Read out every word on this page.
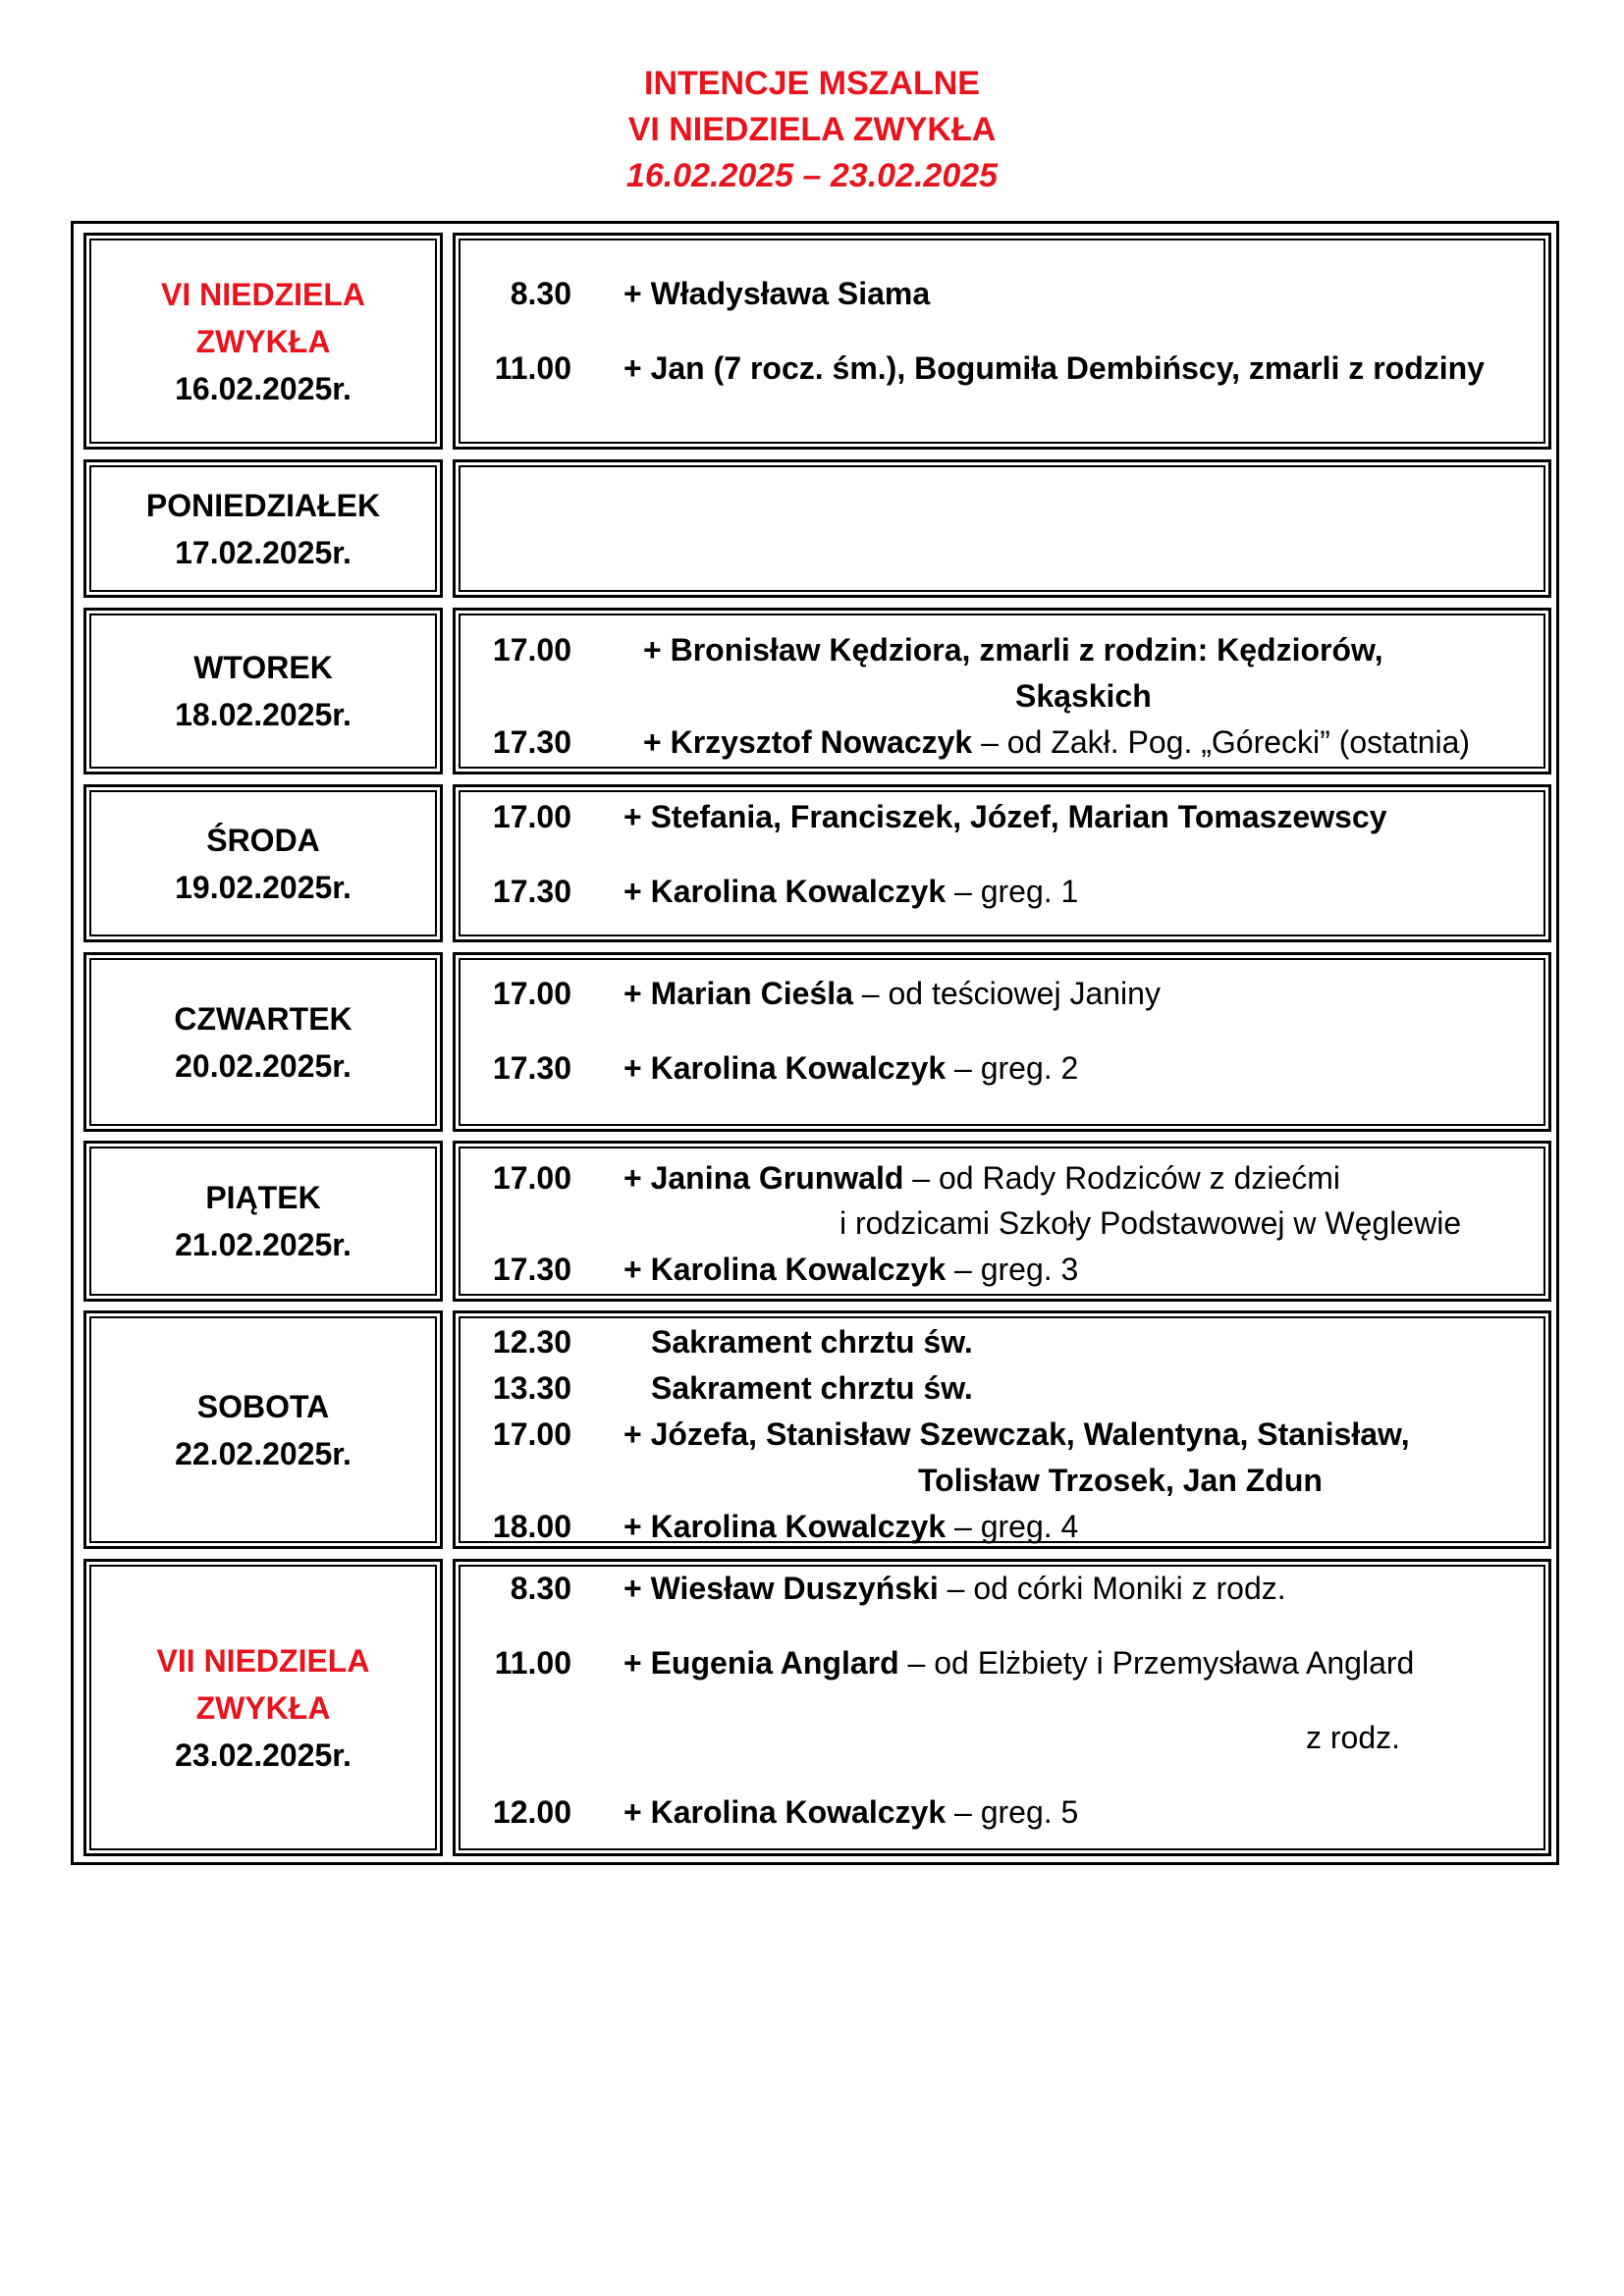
INTENCJE MSZALNE
VI NIEDZIELA ZWYKŁA
16.02.2025 – 23.02.2025
VI NIEDZIELA
ZWYKŁA
16.02.2025r.
8.30 + Władysława Siama
11.00 + Jan (7 rocz. śm.), Bogumiła Dembińscy, zmarli z rodziny
PONIEDZIAŁEK
17.02.2025r.
WTOREK
18.02.2025r.
17.00 + Bronisław Kędziora, zmarli z rodzin: Kędziorów,
Skąskich
17.30 + Krzysztof Nowaczyk – od Zakł. Pog. „Górecki” (ostatnia)
ŚRODA
19.02.2025r.
17.00 + Stefania, Franciszek, Józef, Marian Tomaszewscy
17.30 + Karolina Kowalczyk – greg. 1
CZWARTEK
20.02.2025r.
17.00 + Marian Cieśla – od teściowej Janiny
17.30 + Karolina Kowalczyk – greg. 2
PIĄTEK
21.02.2025r.
17.00 + Janina Grunwald – od Rady Rodziców z dziećmi
i rodzicami Szkoły Podstawowej w Węglewie
17.30 + Karolina Kowalczyk – greg. 3
SOBOTA
22.02.2025r.
12.30	Sakrament chrztu św.
13.30	Sakrament chrztu św.
17.00 + Józefa, Stanisław Szewczak, Walentyna, Stanisław,
Tolisław Trzosek, Jan Zdun
18.00 + Karolina Kowalczyk – greg. 4
VII NIEDZIELA
ZWYKŁA
23.02.2025r.
8.30 + Wiesław Duszyński – od córki Moniki z rodz.
11.00 + Eugenia Anglard – od Elżbiety i Przemysława Anglard
z rodz.
12.00 + Karolina Kowalczyk – greg. 5
